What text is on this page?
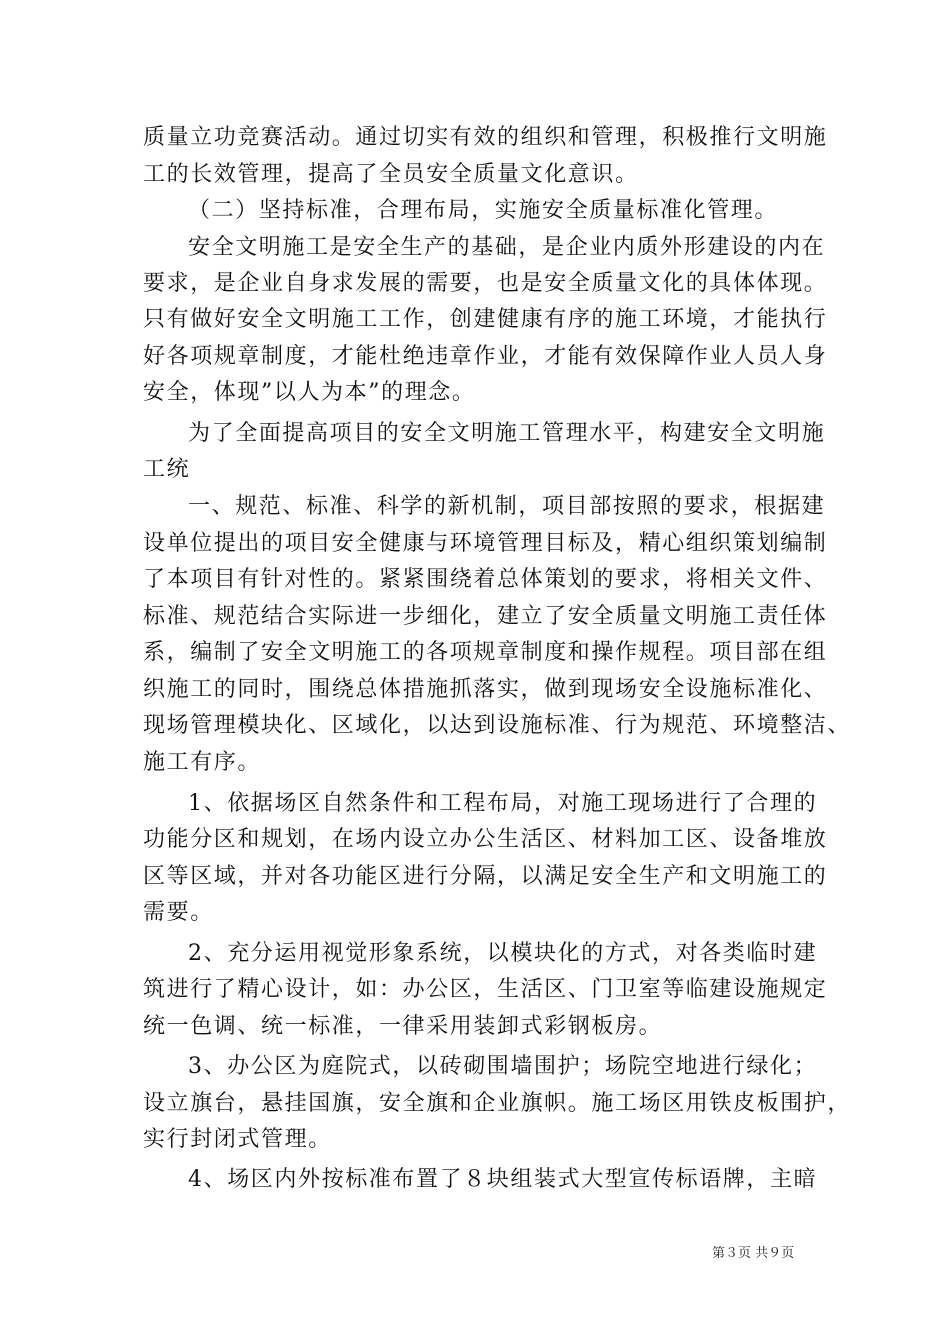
质量立功竞赛活动。通过切实有效的组织和管理，积极推行文明施
工的长效管理，提高了全员安全质量文化意识。
（二）坚持标准，合理布局，实施安全质量标准化管理。
安全文明施工是安全生产的基础，是企业内质外形建设的内在
要求，是企业自身求发展的需要，也是安全质量文化的具体体现。
只有做好安全文明施工工作，创建健康有序的施工环境，才能执行
好各项规章制度，才能杜绝违章作业，才能有效保障作业人员人身
安全，体现”以人为本”的理念。
为了全面提高项目的安全文明施工管理水平，构建安全文明施
工统
一、规范、标准、科学的新机制，项目部按照的要求，根据建
设单位提出的项目安全健康与环境管理目标及，精心组织策划编制
了本项目有针对性的。紧紧围绕着总体策划的要求，将相关文件、
标准、规范结合实际进一步细化，建立了安全质量文明施工责任体
系，编制了安全文明施工的各项规章制度和操作规程。项目部在组
织施工的同时，围绕总体措施抓落实，做到现场安全设施标准化、
现场管理模块化、区域化，以达到设施标准、行为规范、环境整洁、
施工有序。
1、依据场区自然条件和工程布局，对施工现场进行了合理的
功能分区和规划，在场内设立办公生活区、材料加工区、设备堆放
区等区域，并对各功能区进行分隔，以满足安全生产和文明施工的
需要。
2、充分运用视觉形象系统，以模块化的方式，对各类临时建
筑进行了精心设计，如：办公区，生活区、门卫室等临建设施规定
统一色调、统一标准，一律采用装卸式彩钢板房。
3、办公区为庭院式，以砖砌围墙围护；场院空地进行绿化；
设立旗台，悬挂国旗，安全旗和企业旗帜。施工场区用铁皮板围护，
实行封闭式管理。
4、场区内外按标准布置了８块组装式大型宣传标语牌，主暗
第３页 共９页
